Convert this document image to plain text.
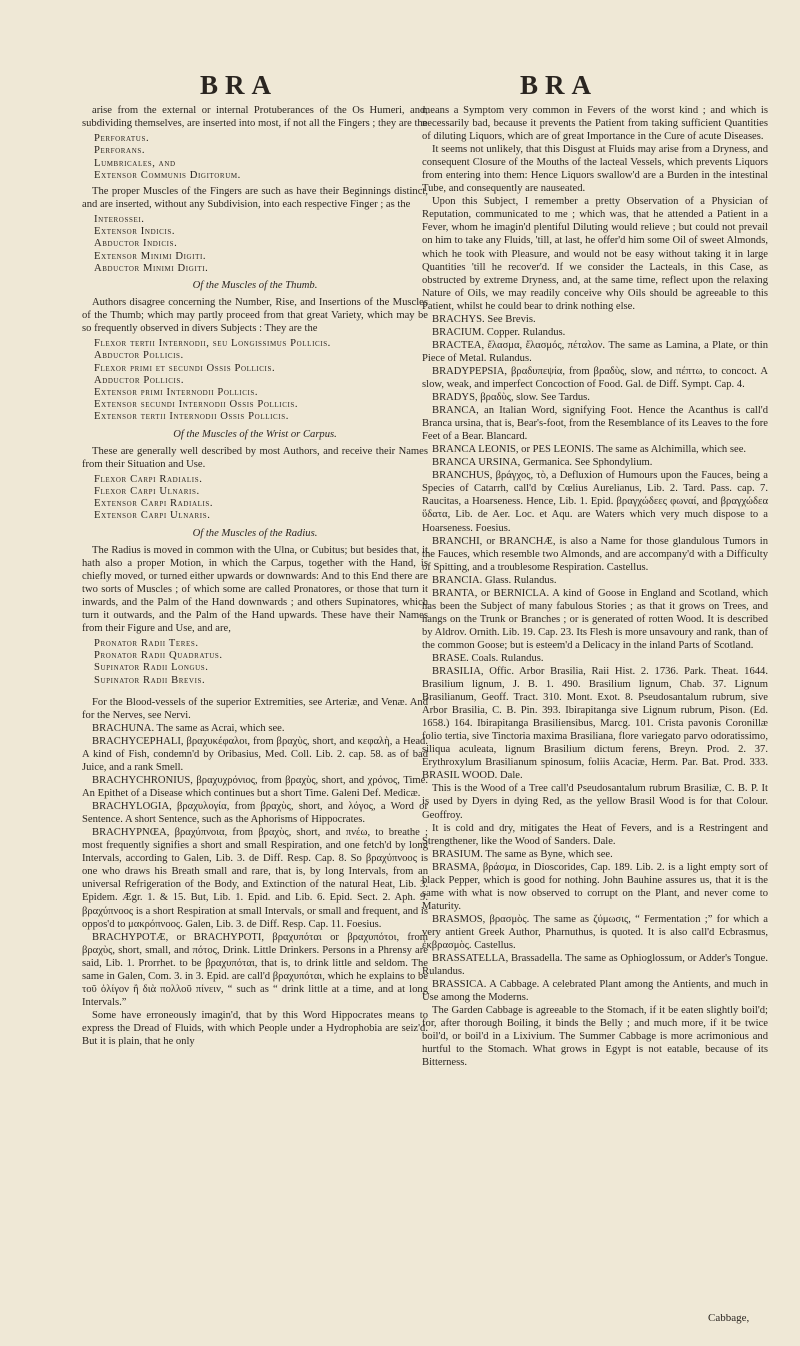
BRA	BRA

arise from the external or internal Protuberances of the Os Humeri, and, subdividing themselves, are inserted into most, if not all the Fingers ; they are the

Perforatus.
Perforans.
Lumbricales, and
Extensor Communis Digitorum.

The proper Muscles of the Fingers are such as have their Beginnings distinct, and are inserted, without any Subdivision, into each respective Finger ; as the

Interossei.
Extensor Indicis.
Abductor Indicis.
Extensor Minimi Digiti.
Abductor Minimi Digiti.

Of the Muscles of the Thumb.

Authors disagree concerning the Number, Rise, and Insertions of the Muscles of the Thumb; which may partly proceed from that great Variety, which may be so frequently observed in divers Subjects : They are the

Flexor tertii Internodii, seu Longissimus Pollicis.
Abductor Pollicis.
Flexor primi et secundi Ossis Pollicis.
Adductor Pollicis.
Extensor primi Internodii Pollicis.
Extensor secundi Internodii Ossis Pollicis.
Extensor tertii Internodii Ossis Pollicis.

Of the Muscles of the Wrist or Carpus.

These are generally well described by most Authors, and receive their Names from their Situation and Use.

Flexor Carpi Radialis.
Flexor Carpi Ulnaris.
Extensor Carpi Radialis.
Extensor Carpi Ulnaris.

Of the Muscles of the Radius.

The Radius is moved in common with the Ulna, or Cubitus; but besides that, it hath also a proper Motion, in which the Carpus, together with the Hand, is chiefly moved, or turned either upwards or downwards: And to this End there are two sorts of Muscles ; of which some are called Pronatores, or those that turn it inwards, and the Palm of the Hand downwards ; and others Supinatores, which turn it outwards, and the Palm of the Hand upwards. These have their Names from their Figure and Use, and are,

Pronator Radii Teres.
Pronator Radii Quadratus.
Supinator Radii Longus.
Supinator Radii Brevis.

For the Blood-vessels of the superior Extremities, see Arteriæ, and Venæ. And for the Nerves, see Nervi.

BRACHUNA. The same as Acrai, which see.

BRACHYCEPHALI, βραχυκέφαλοι, from βραχὺς, short, and κεφαλὴ, a Head. A kind of Fish, condemn'd by Oribasius, Med. Coll. Lib. 2. cap. 58. as of bad Juice, and a rank Smell.

BRACHYCHRONIUS, βραχυχρόνιος, from βραχὺς, short, and χρόνος, Time. An Epithet of a Disease which continues but a short Time. Galeni Def. Medicæ.

BRACHYLOGIA, βραχυλογία, from βραχὺς, short, and λόγος, a Word or Sentence. A short Sentence, such as the Aphorisms of Hippocrates.

BRACHYPNŒA, βραχύπνοια, from βραχὺς, short, and πνέω, to breathe ; most frequently signifies a short and small Respiration, and one fetch'd by long Intervals, according to Galen, Lib. 3. de Diff. Resp. Cap. 8. So βραχύπνοος is one who draws his Breath small and rare, that is, by long Intervals, from an universal Refrigeration of the Body, and Extinction of the natural Heat, Lib. 3. Epidem. Ægr. 1. & 15. But, Lib. 1. Epid. and Lib. 6. Epid. Sect. 2. Aph. 9. βραχύπνοος is a short Respiration at small Intervals, or small and frequent, and is oppos'd to μακρόπνοος. Galen, Lib. 3. de Diff. Resp. Cap. 11. Foesius.

BRACHYPOTÆ, or BRACHYPOTI, βραχυπόται or βραχυπότοι, from βραχὺς, short, small, and πότος, Drink. Little Drinkers. Persons in a Phrensy are said, Lib. 1. Prorrhet. to be βραχυπόται, that is, to drink little and seldom. The same in Galen, Com. 3. in 3. Epid. are call'd βραχυπόται, which he explains to be τοῦ ὀλίγον ἢ διὰ πολλοῦ πίνειν, “ such as “ drink little at a time, and at long Intervals.”

Some have erroneously imagin'd, that by this Word Hippocrates means to express the Dread of Fluids, with which People under a Hydrophobia are seiz'd. But it is plain, that he only

means a Symptom very common in Fevers of the worst kind ; and which is necessarily bad, because it prevents the Patient from taking sufficient Quantities of diluting Liquors, which are of great Importance in the Cure of acute Diseases.

It seems not unlikely, that this Disgust at Fluids may arise from a Dryness, and consequent Closure of the Mouths of the lacteal Vessels, which prevents Liquors from entering into them: Hence Liquors swallow'd are a Burden in the intestinal Tube, and consequently are nauseated.

Upon this Subject, I remember a pretty Observation of a Physician of Reputation, communicated to me ; which was, that he attended a Patient in a Fever, whom he imagin'd plentiful Diluting would relieve ; but could not prevail on him to take any Fluids, 'till, at last, he offer'd him some Oil of sweet Almonds, which he took with Pleasure, and would not be easy without taking it in large Quantities 'till he recover'd. If we consider the Lacteals, in this Case, as obstructed by extreme Dryness, and, at the same time, reflect upon the relaxing Nature of Oils, we may readily conceive why Oils should be agreeable to this Patient, whilst he could bear to drink nothing else.

BRACHYS. See Brevis.

BRACIUM. Copper. Rulandus.

BRACTEA, ἔλασμα, ἔλασμός, πέταλον. The same as Lamina, a Plate, or thin Piece of Metal. Rulandus.

BRADYPEPSIA, βραδυπεψία, from βραδὺς, slow, and πέπτω, to concoct. A slow, weak, and imperfect Concoction of Food. Gal. de Diff. Sympt. Cap. 4.

BRADYS, βραδὺς, slow. See Tardus.

BRANCA, an Italian Word, signifying Foot. Hence the Acanthus is call'd Branca ursina, that is, Bear's-foot, from the Resemblance of its Leaves to the fore Feet of a Bear. Blancard.

BRANCA LEONIS, or PES LEONIS. The same as Alchimilla, which see.

BRANCA URSINA, Germanica. See Sphondylium.

BRANCHUS, βράγχος, τὸ, a Defluxion of Humours upon the Fauces, being a Species of Catarrh, call'd by Cœlius Aurelianus, Lib. 2. Tard. Pass. cap. 7. Raucitas, a Hoarseness. Hence, Lib. 1. Epid. βραγχώδεες φωναί, and βραγχώδεα ὕδατα, Lib. de Aer. Loc. et Aqu. are Waters which very much dispose to a Hoarseness. Foesius.

BRANCHI, or BRANCHÆ, is also a Name for those glandulous Tumors in the Fauces, which resemble two Almonds, and are accompany'd with a Difficulty of Spitting, and a troublesome Respiration. Castellus.

BRANCIA. Glass. Rulandus.

BRANTA, or BERNICLA. A kind of Goose in England and Scotland, which has been the Subject of many fabulous Stories ; as that it grows on Trees, and hangs on the Trunk or Branches ; or is generated of rotten Wood. It is described by Aldrov. Ornith. Lib. 19. Cap. 23. Its Flesh is more unsavoury and rank, than of the common Goose; but is esteem'd a Delicacy in the inland Parts of Scotland.

BRASE. Coals. Rulandus.

BRASILIA, Offic. Arbor Brasilia, Raii Hist. 2. 1736. Park. Theat. 1644. Brasilium lignum, J. B. 1. 490. Brasilium lignum, Chab. 37. Lignum Brasilianum, Geoff. Tract. 310. Mont. Exot. 8. Pseudosantalum rubrum, sive Arbor Brasilia, C. B. Pin. 393. Ibirapitanga sive Lignum rubrum, Pison. (Ed. 1658.) 164. Ibirapitanga Brasiliensibus, Marcg. 101. Crista pavonis Coronillæ folio tertia, sive Tinctoria maxima Brasiliana, flore variegato parvo odoratissimo, siliqua aculeata, lignum Brasilium dictum ferens, Breyn. Prod. 2. 37. Erythroxylum Brasilianum spinosum, foliis Acaciæ, Herm. Par. Bat. Prod. 333. BRASIL WOOD. Dale.

This is the Wood of a Tree call'd Pseudosantalum rubrum Brasiliæ, C. B. P. It is used by Dyers in dying Red, as the yellow Brasil Wood is for that Colour. Geoffroy.

It is cold and dry, mitigates the Heat of Fevers, and is a Restringent and Strengthener, like the Wood of Sanders. Dale.

BRASIUM. The same as Byne, which see.

BRASMA, βράσμα, in Dioscorides, Cap. 189. Lib. 2. is a light empty sort of black Pepper, which is good for nothing. John Bauhine assures us, that it is the same with what is now observed to corrupt on the Plant, and never come to Maturity.

BRASMOS, βρασμὸς. The same as ζύμωσις, “ Fermentation ;” for which a very antient Greek Author, Pharnuthus, is quoted. It is also call'd Ecbrasmus, ἐκβρασμὸς. Castellus.

BRASSATELLA, Brassadella. The same as Ophioglossum, or Adder's Tongue. Rulandus.

BRASSICA. A Cabbage. A celebrated Plant among the Antients, and much in Use among the Moderns.

The Garden Cabbage is agreeable to the Stomach, if it be eaten slightly boil'd; for, after thorough Boiling, it binds the Belly ; and much more, if it be twice boil'd, or boil'd in a Lixivium. The Summer Cabbage is more acrimonious and hurtful to the Stomach. What grows in Egypt is not eatable, because of its Bitterness.

Cabbage,
